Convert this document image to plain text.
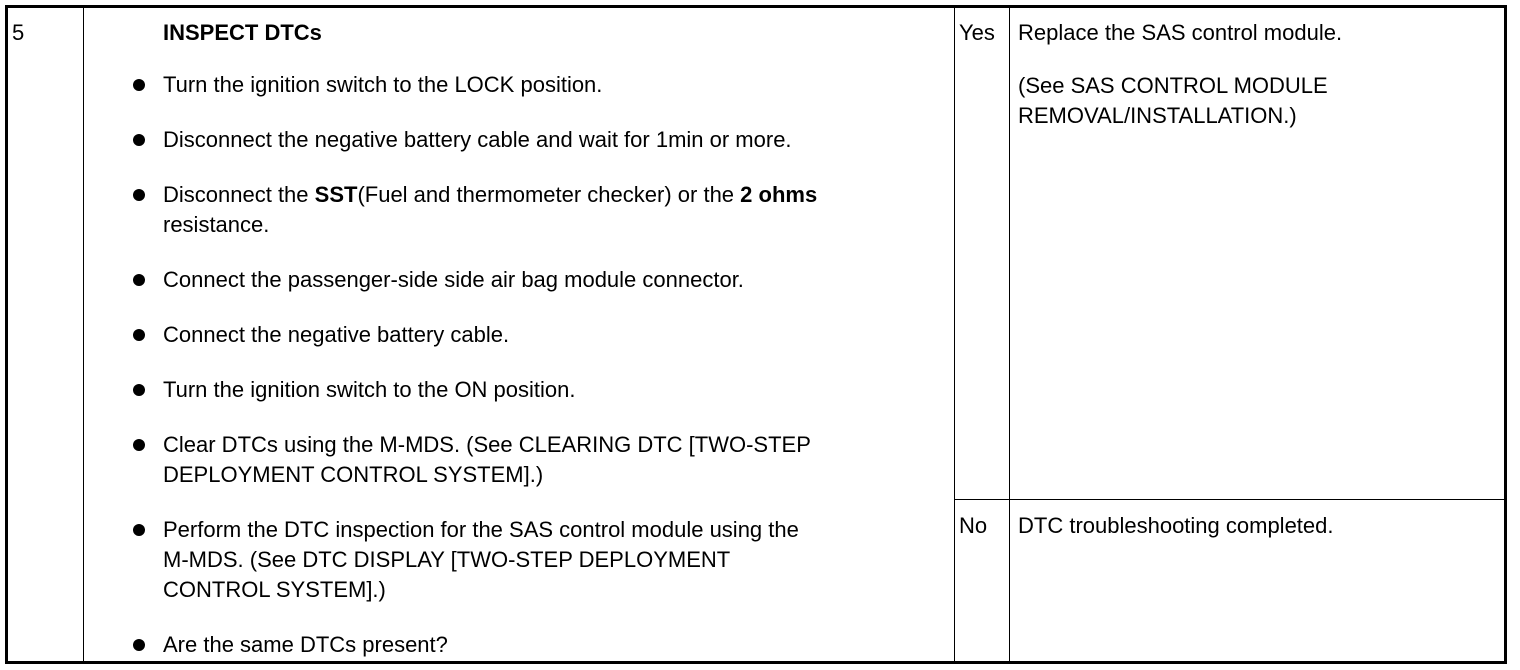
5	INSPECT DTCs
Turn the ignition switch to the LOCK position.
Disconnect the negative battery cable and wait for 1min or more.
Disconnect the SST(Fuel and thermometer checker) or the 2 ohms
resistance.
Connect the passenger-side side air bag module connector.
Connect the negative battery cable.
Turn the ignition switch to the ON position.
Clear DTCs using the M-MDS. (See CLEARING DTC [TWO-STEP
DEPLOYMENT CONTROL SYSTEM].)
Perform the DTC inspection for the SAS control module using the
M-MDS. (See DTC DISPLAY [TWO-STEP DEPLOYMENT
CONTROL SYSTEM].)
Are the same DTCs present?
Yes Replace the SAS control module.
(See SAS CONTROL MODULE
REMOVAL/INSTALLATION.)
No DTC troubleshooting completed.
